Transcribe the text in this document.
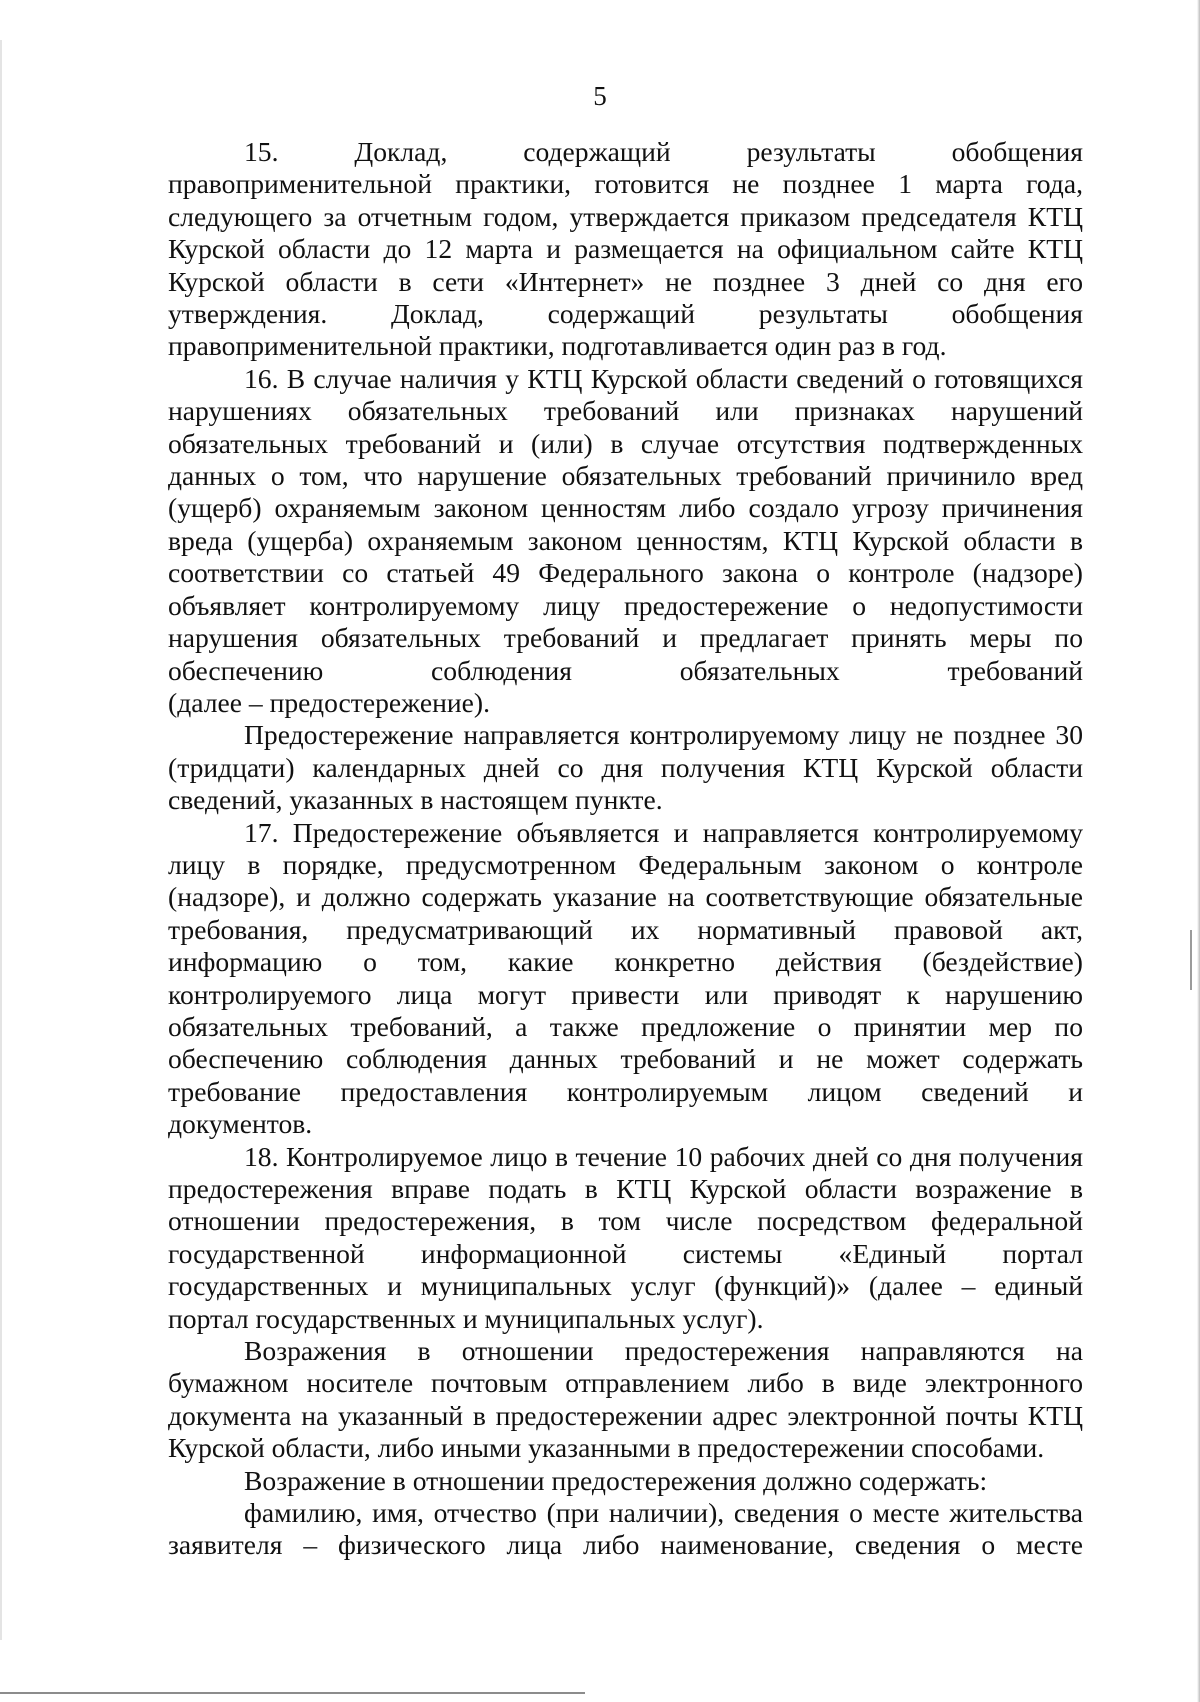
5
15. Доклад, содержащий результаты обобщения
правоприменительной практики, готовится не позднее 1 марта года,
следующего за отчетным годом, утверждается приказом председателя КТЦ
Курской области до 12 марта и размещается на официальном сайте КТЦ
Курской области в сети «Интернет» не позднее 3 дней со дня его
утверждения. Доклад, содержащий результаты обобщения
правоприменительной практики, подготавливается один раз в год.
16. В случае наличия у КТЦ Курской области сведений о готовящихся
нарушениях обязательных требований или признаках нарушений
обязательных требований и (или) в случае отсутствия подтвержденных
данных о том, что нарушение обязательных требований причинило вред
(ущерб) охраняемым законом ценностям либо создало угрозу причинения
вреда (ущерба) охраняемым законом ценностям, КТЦ Курской области в
соответствии со статьей 49 Федерального закона о контроле (надзоре)
объявляет контролируемому лицу предостережение о недопустимости
нарушения обязательных требований и предлагает принять меры по
обеспечению соблюдения обязательных требований
(далее – предостережение).
Предостережение направляется контролируемому лицу не позднее 30
(тридцати) календарных дней со дня получения КТЦ Курской области
сведений, указанных в настоящем пункте.
17. Предостережение объявляется и направляется контролируемому
лицу в порядке, предусмотренном Федеральным законом о контроле
(надзоре), и должно содержать указание на соответствующие обязательные
требования, предусматривающий их нормативный правовой акт,
информацию о том, какие конкретно действия (бездействие)
контролируемого лица могут привести или приводят к нарушению
обязательных требований, а также предложение о принятии мер по
обеспечению соблюдения данных требований и не может содержать
требование предоставления контролируемым лицом сведений и
документов.
18. Контролируемое лицо в течение 10 рабочих дней со дня получения
предостережения вправе подать в КТЦ Курской области возражение в
отношении предостережения, в том числе посредством федеральной
государственной информационной системы «Единый портал
государственных и муниципальных услуг (функций)» (далее – единый
портал государственных и муниципальных услуг).
Возражения в отношении предостережения направляются на
бумажном носителе почтовым отправлением либо в виде электронного
документа на указанный в предостережении адрес электронной почты КТЦ
Курской области, либо иными указанными в предостережении способами.
Возражение в отношении предостережения должно содержать:
фамилию, имя, отчество (при наличии), сведения о месте жительства
заявителя – физического лица либо наименование, сведения о месте
